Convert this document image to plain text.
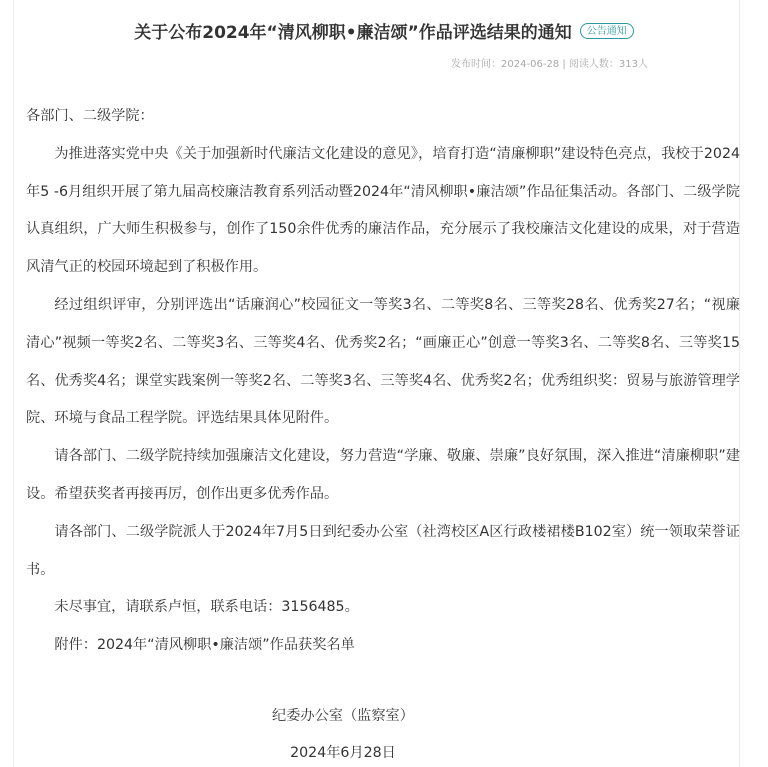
关于公布2024年“清风柳职•廉洁颂”作品评选结果的通知 公告通知
发布时间：2024-06-28 | 阅读人数：313人

各部门、二级学院：

为推进落实党中央《关于加强新时代廉洁文化建设的意见》，培育打造“清廉柳职”建设特色亮点，我校于2024年5 -6月组织开展了第九届高校廉洁教育系列活动暨2024年“清风柳职•廉洁颂”作品征集活动。各部门、二级学院认真组织，广大师生积极参与，创作了150余件优秀的廉洁作品，充分展示了我校廉洁文化建设的成果，对于营造风清气正的校园环境起到了积极作用。

经过组织评审，分别评选出“话廉润心”校园征文一等奖3名、二等奖8名、三等奖28名、优秀奖27名；“视廉清心”视频一等奖2名、二等奖3名、三等奖4名、优秀奖2名；“画廉正心”创意一等奖3名、二等奖8名、三等奖15名、优秀奖4名；课堂实践案例一等奖2名、二等奖3名、三等奖4名、优秀奖2名；优秀组织奖：贸易与旅游管理学院、环境与食品工程学院。评选结果具体见附件。

请各部门、二级学院持续加强廉洁文化建设，努力营造“学廉、敬廉、崇廉”良好氛围，深入推进“清廉柳职”建设。希望获奖者再接再厉，创作出更多优秀作品。

请各部门、二级学院派人于2024年7月5日到纪委办公室（社湾校区A区行政楼裙楼B102室）统一领取荣誉证书。

未尽事宜，请联系卢恒，联系电话：3156485。

附件：2024年“清风柳职•廉洁颂”作品获奖名单

纪委办公室（监察室）
2024年6月28日
